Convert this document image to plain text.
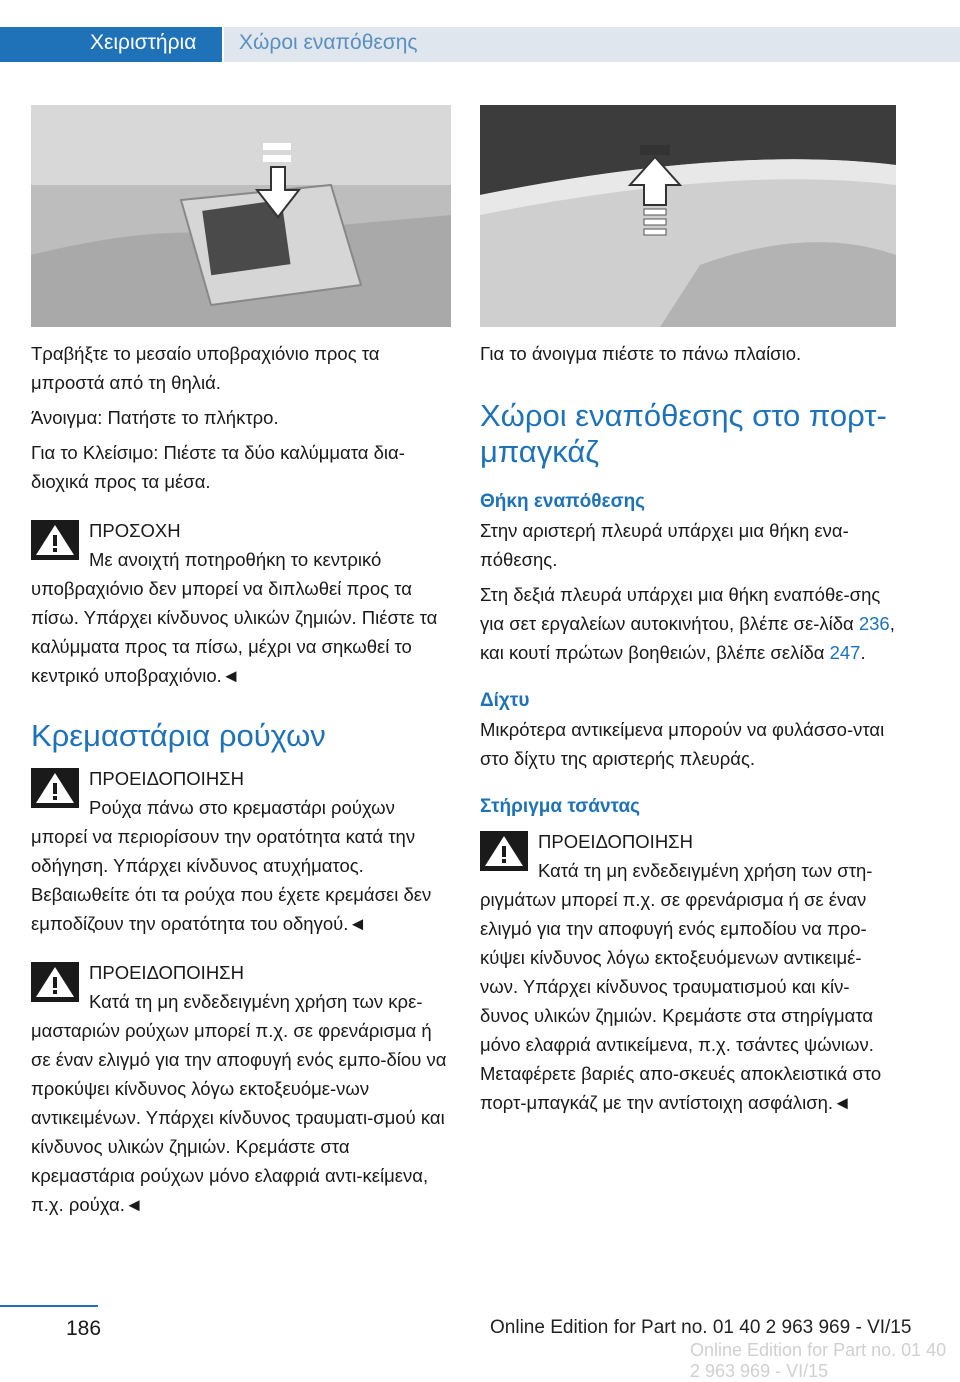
Χειριστήρια Χώροι εναπόθεσης

Τραβήξτε το μεσαίο υποβραχιόνιο προς τα μπροστά από τη θηλιά.

Άνοιγμα: Πατήστε το πλήκτρο.

Για το Κλείσιμο: Πιέστε τα δύο καλύμματα δια-διοχικά προς τα μέσα.

ΠΡΟΣΟΧΗ
Με ανοιχτή ποτηροθήκη το κεντρικό
υποβραχιόνιο δεν μπορεί να διπλωθεί προς τα πίσω. Υπάρχει κίνδυνος υλικών ζημιών. Πιέστε τα καλύμματα προς τα πίσω, μέχρι να σηκωθεί το κεντρικό υποβραχιόνιο.◄
Κρεμαστάρια ρούχων
ΠΡΟΕΙΔΟΠΟΙΗΣΗ
Ρούχα πάνω στο κρεμαστάρι ρούχων
μπορεί να περιορίσουν την ορατότητα κατά την οδήγηση. Υπάρχει κίνδυνος ατυχήματος. Βεβαιωθείτε ότι τα ρούχα που έχετε κρεμάσει δεν εμποδίζουν την ορατότητα του οδηγού.◄
ΠΡΟΕΙΔΟΠΟΙΗΣΗ
Κατά τη μη ενδεδειγμένη χρήση των κρε-
μασταριών ρούχων μπορεί π.χ. σε φρενάρισμα ή σε έναν ελιγμό για την αποφυγή ενός εμπο-δίου να προκύψει κίνδυνος λόγω εκτοξευόμε-νων αντικειμένων. Υπάρχει κίνδυνος τραυματι-σμού και κίνδυνος υλικών ζημιών. Κρεμάστε στα κρεμαστάρια ρούχων μόνο ελαφριά αντι-κείμενα, π.χ. ρούχα.◄

Για το άνοιγμα πιέστε το πάνω πλαίσιο.

Χώροι εναπόθεσης στο πορτ-μπαγκάζ
Θήκη εναπόθεσης

Στην αριστερή πλευρά υπάρχει μια θήκη ενα-πόθεσης.

Στη δεξιά πλευρά υπάρχει μια θήκη εναπόθε-σης για σετ εργαλείων αυτοκινήτου, βλέπε σε-λίδα 236, και κουτί πρώτων βοηθειών, βλέπε σελίδα 247.

Δίχτυ

Μικρότερα αντικείμενα μπορούν να φυλάσσο-νται στο δίχτυ της αριστερής πλευράς.

Στήριγμα τσάντας
ΠΡΟΕΙΔΟΠΟΙΗΣΗ
Κατά τη μη ενδεδειγμένη χρήση των στη-
ριγμάτων μπορεί π.χ. σε φρενάρισμα ή σε έναν ελιγμό για την αποφυγή ενός εμποδίου να προ-κύψει κίνδυνος λόγω εκτοξευόμενων αντικειμέ-νων. Υπάρχει κίνδυνος τραυματισμού και κίν-δυνος υλικών ζημιών. Κρεμάστε στα στηρίγματα μόνο ελαφριά αντικείμενα, π.χ. τσάντες ψώνιων. Μεταφέρετε βαριές απο-σκευές αποκλειστικά στο πορτ-μπαγκάζ με την αντίστοιχη ασφάλιση.◄
186	Online Edition for Part no. 01 40 2 963 969 - VI/15
Online Edition for Part no. 01 40 2 963 969 - VI/15
